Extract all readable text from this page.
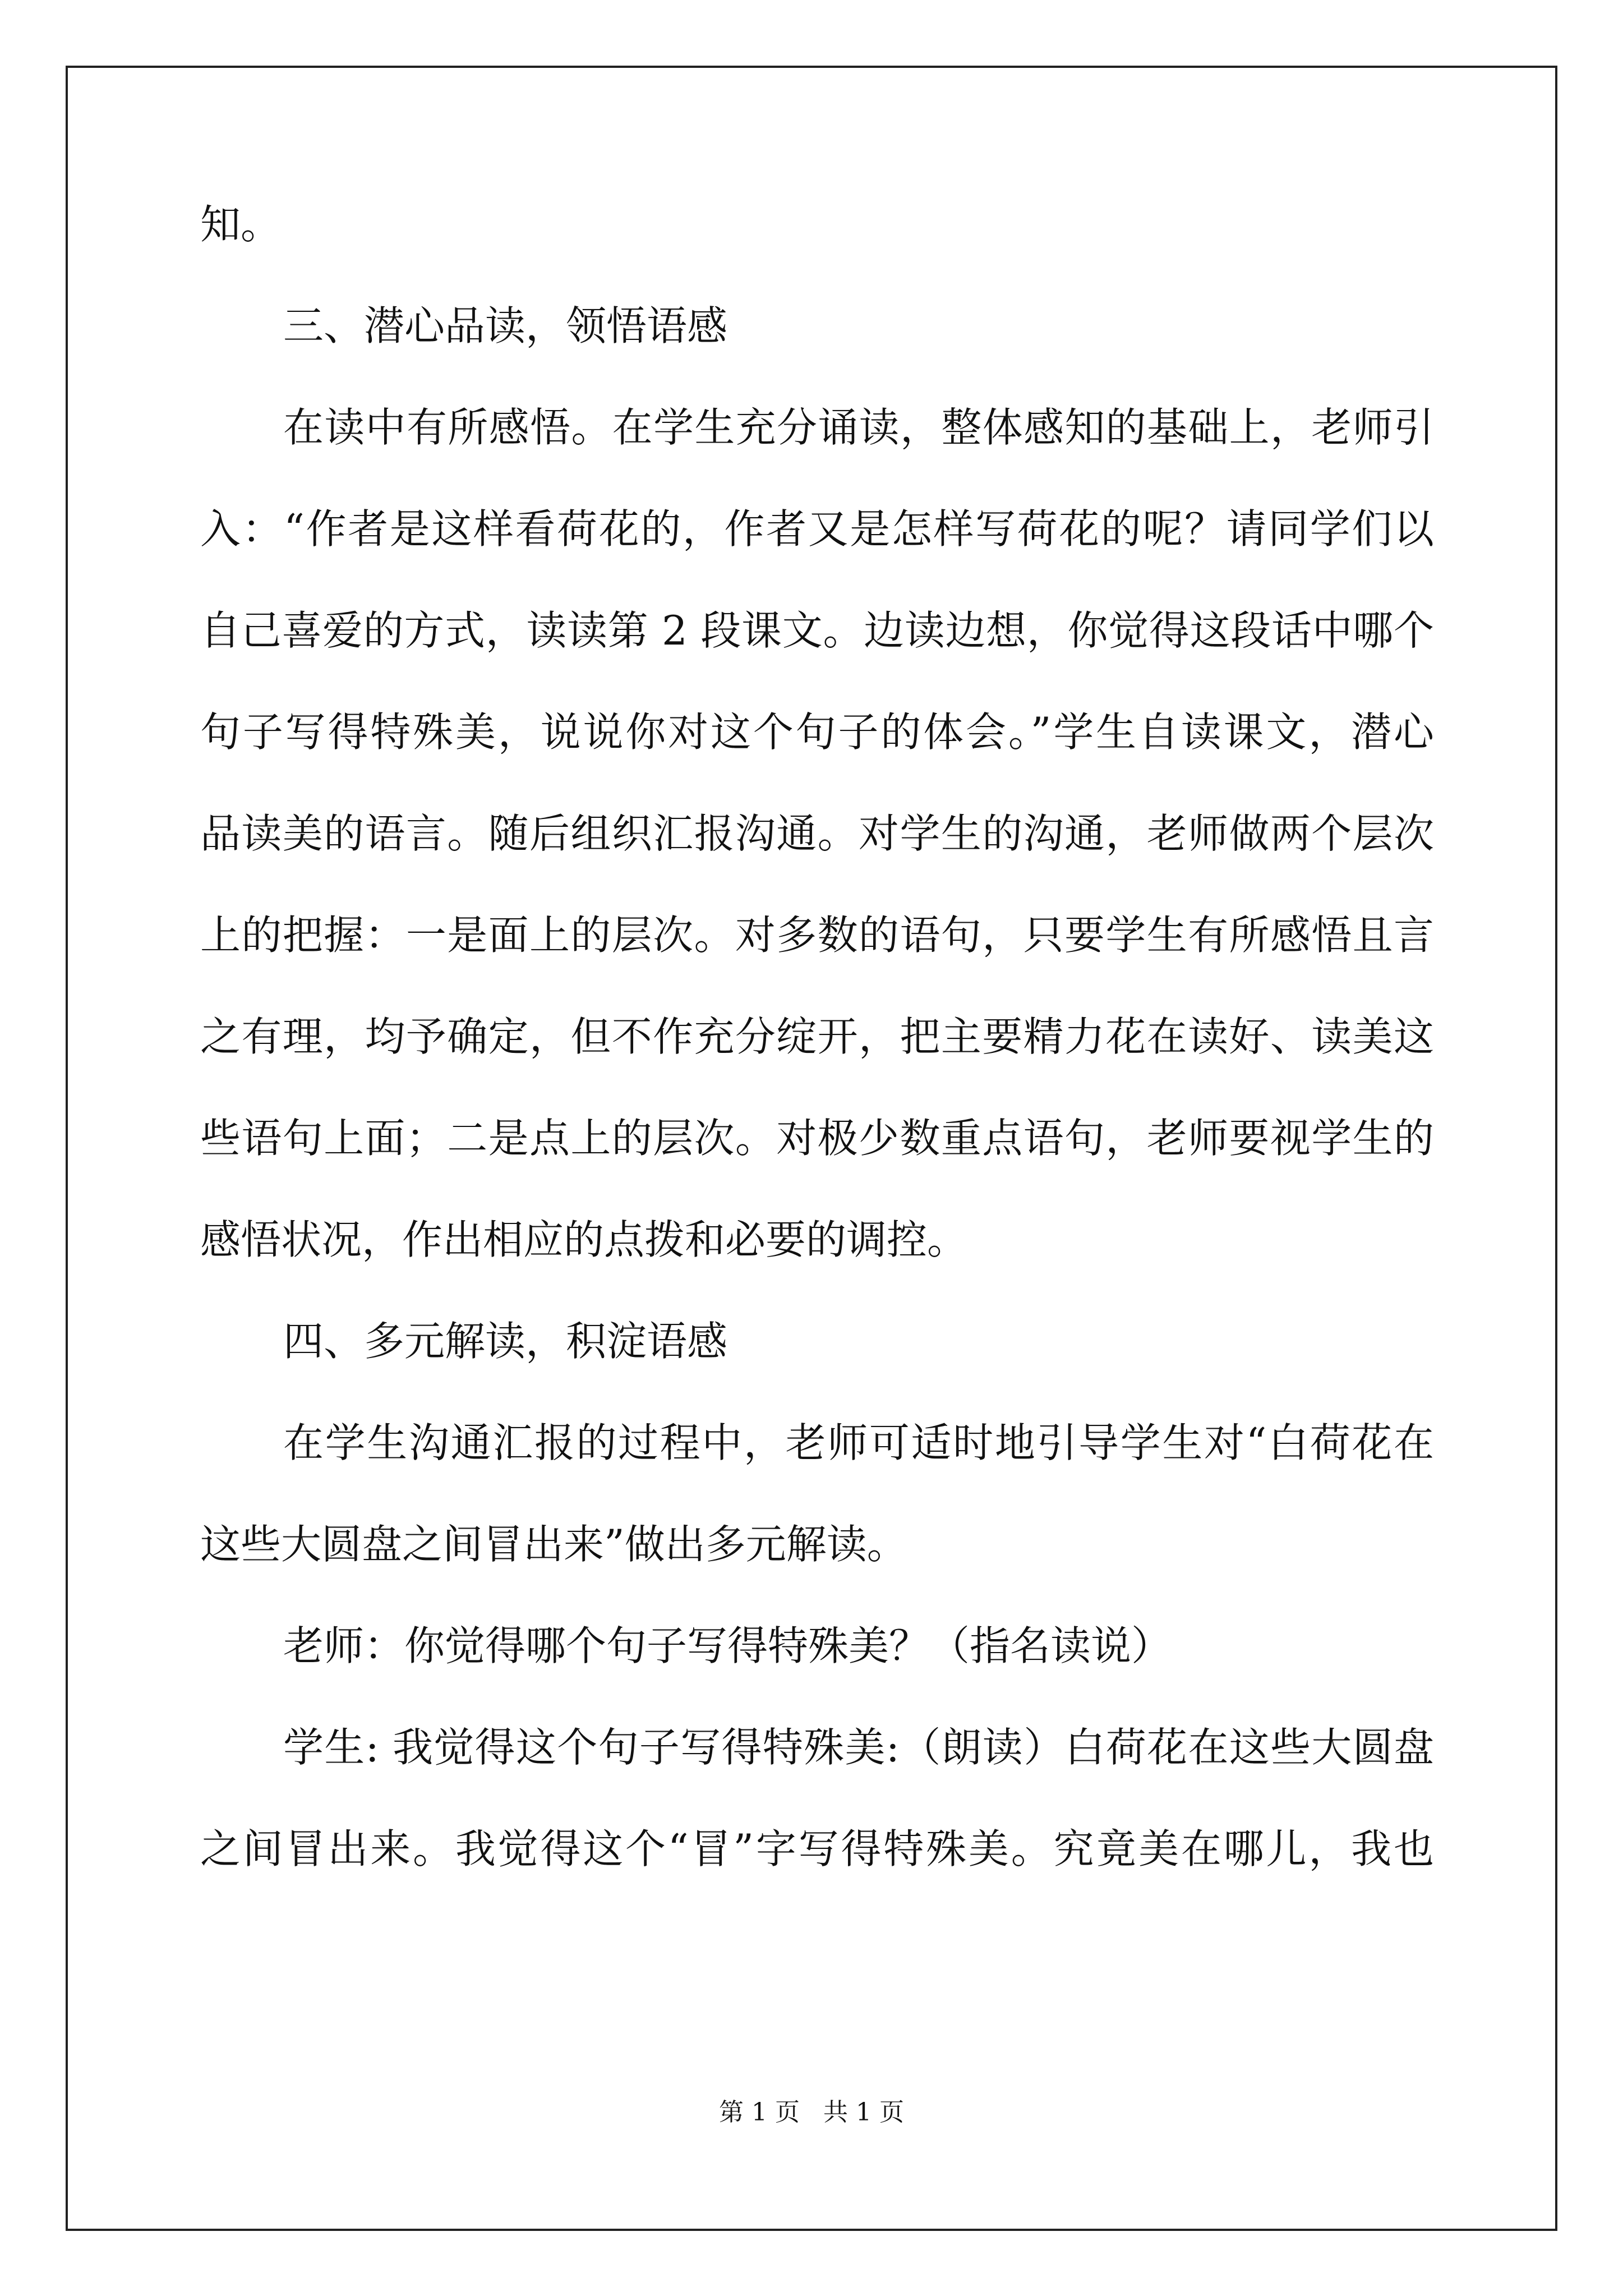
知。
三、潜心品读，领悟语感
在读中有所感悟。在学生充分诵读，整体感知的基础上，老师引
入：“作者是这样看荷花的，作者又是怎样写荷花的呢？请同学们以
自己喜爱的方式，读读第 2 段课文。边读边想，你觉得这段话中哪个
句子写得特殊美，说说你对这个句子的体会。”学生自读课文，潜心
品读美的语言。随后组织汇报沟通。对学生的沟通，老师做两个层次
上的把握：一是面上的层次。对多数的语句，只要学生有所感悟且言
之有理，均予确定，但不作充分绽开，把主要精力花在读好、读美这
些语句上面；二是点上的层次。对极少数重点语句，老师要视学生的
感悟状况，作出相应的点拨和必要的调控。
四、多元解读，积淀语感
在学生沟通汇报的过程中，老师可适时地引导学生对“白荷花在
这些大圆盘之间冒出来”做出多元解读。
老师：你觉得哪个句子写得特殊美？（指名读说）
学生: 我觉得这个句子写得特殊美:（朗读）白荷花在这些大圆盘
之间冒出来。我觉得这个“冒”字写得特殊美。究竟美在哪儿，我也
第 1 页   共 1 页
